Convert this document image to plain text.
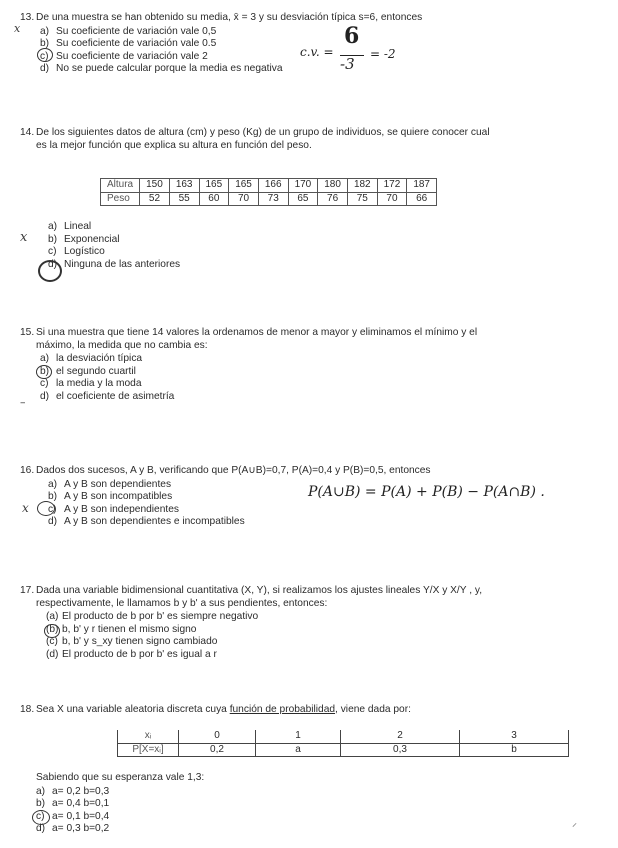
13. De una muestra se han obtenido su media, x̄ = 3 y su desviación típica s=6, entonces
a) Su coeficiente de variación vale 0,5
b) Su coeficiente de variación vale 0.5
c) Su coeficiente de variación vale 2
d) No se puede calcular porque la media es negativa
ⅹ
c.v. =
6
-3
= -2
14. De los siguientes datos de altura (cm) y peso (Kg) de un grupo de individuos, se quiere conocer cual
es la mejor función que explica su altura en función del peso.
Altura	150	163	165	165	166	170	180	182	172	187
Peso	52	55	60	70	73	65	76	75	70	66
a) Lineal
b) Exponencial
c) Logístico
d) Ninguna de las anteriores
ⅹ
15. Si una muestra que tiene 14 valores la ordenamos de menor a mayor y eliminamos el mínimo y el
máximo, la medida que no cambia es:
a) la desviación típica
b) el segundo cuartil
c) la media y la moda
d) el coeficiente de asimetría
–
16. Dados dos sucesos, A y B, verificando que P(A∪B)=0,7, P(A)=0,4 y P(B)=0,5, entonces
a) A y B son dependientes
b) A y B son incompatibles
c) A y B son independientes
d) A y B son dependientes e incompatibles
ⅹ
P(A∪B) = P(A) + P(B) − P(A∩B) .
17. Dada una variable bidimensional cuantitativa (X, Y), si realizamos los ajustes lineales Y/X y X/Y , y,
respectivamente, le llamamos b y b' a sus pendientes, entonces:
(a) El producto de b por b' es siempre negativo
(b) b, b' y r tienen el mismo signo
(c) b, b' y s_xy tienen signo cambiado
(d) El producto de b por b' es igual a r
18. Sea X una variable aleatoria discreta cuya función de probabilidad, viene dada por:
xᵢ	0	1	2	3
P[X=xᵢ]	0,2	a	0,3	b
Sabiendo que su esperanza vale 1,3:
a) a= 0,2 b=0,3
b) a= 0,4 b=0,1
c) a= 0,1 b=0,4
d) a= 0,3 b=0,2	⸝
